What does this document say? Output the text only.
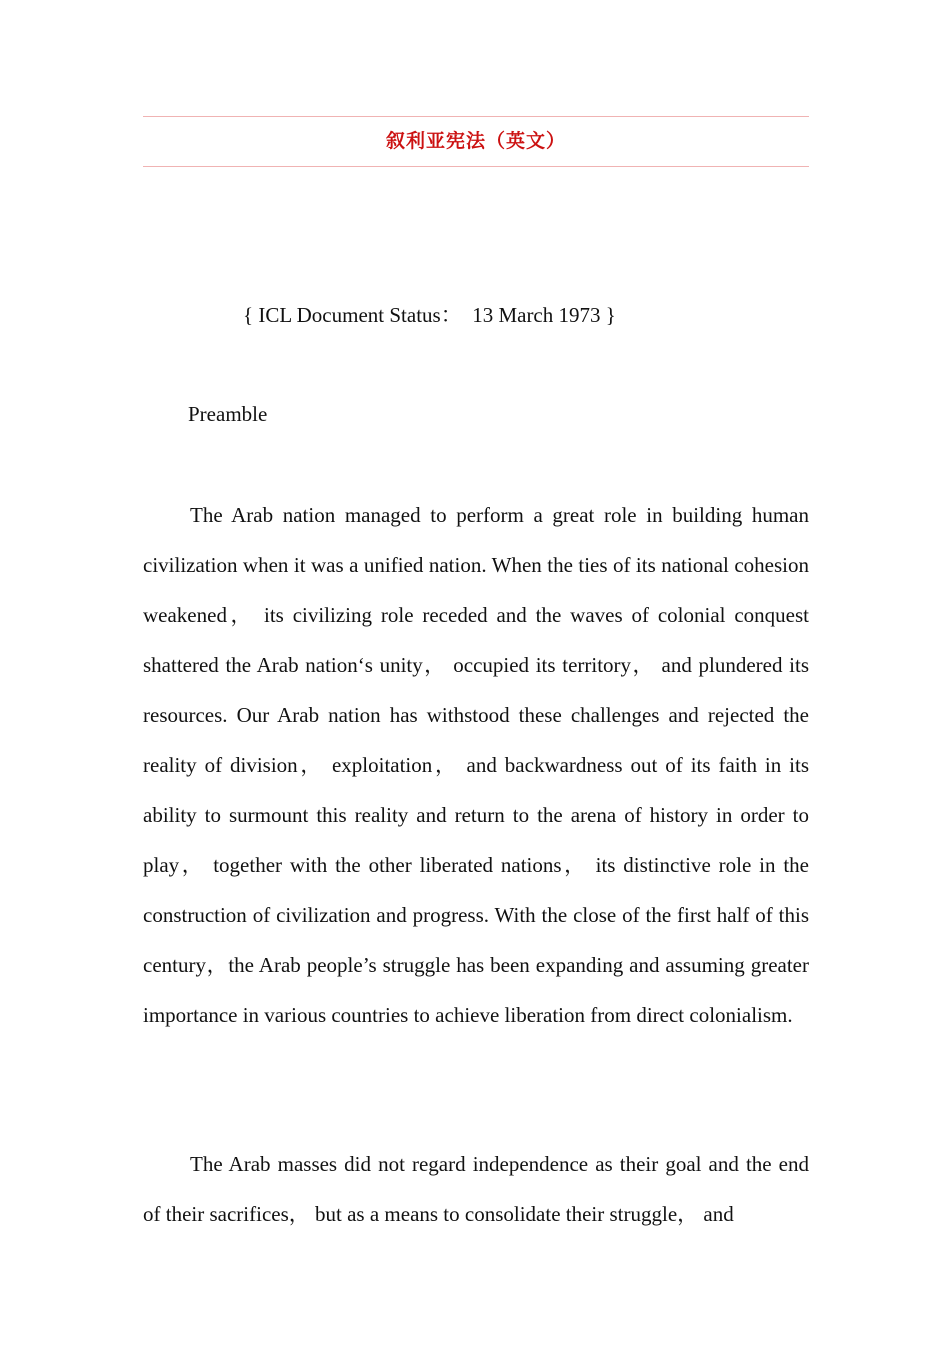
叙利亚宪法（英文）
{ ICL Document Status：  13 March 1973 }
Preamble

The Arab nation managed to perform a great role in building human civilization when it was a unified nation. When the ties of its national cohesion weakened， its civilizing role receded and the waves of colonial conquest shattered the Arab nation‘s unity， occupied its territory， and plundered its resources. Our Arab nation has withstood these challenges and rejected the reality of division， exploitation， and backwardness out of its faith in its ability to surmount this reality and return to the arena of history in order to play， together with the other liberated nations， its distinctive role in the construction of civilization and progress. With the close of the first half of this century，the Arab people’s struggle has been expanding and assuming greater importance in various countries to achieve liberation from direct colonialism.

The Arab masses did not regard independence as their goal and the end of their sacrifices， but as a means to consolidate their struggle， and
